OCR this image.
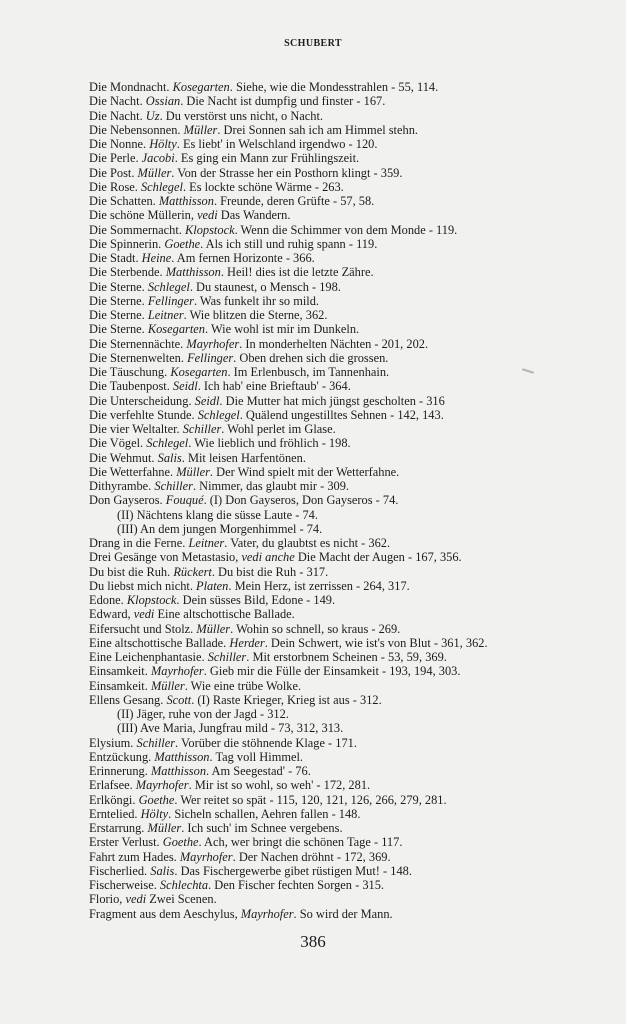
SCHUBERT
Die Mondnacht. Kosegarten. Siehe, wie die Mondesstrahlen - 55, 114.
Die Nacht. Ossian. Die Nacht ist dumpfig und finster - 167.
Die Nacht. Uz. Du verstörst uns nicht, o Nacht.
Die Nebensonnen. Müller. Drei Sonnen sah ich am Himmel stehn.
Die Nonne. Hölty. Es liebt' in Welschland irgendwo - 120.
Die Perle. Jacobi. Es ging ein Mann zur Frühlingszeit.
Die Post. Müller. Von der Strasse her ein Posthorn klingt - 359.
Die Rose. Schlegel. Es lockte schöne Wärme - 263.
Die Schatten. Matthisson. Freunde, deren Grüfte - 57, 58.
Die schöne Müllerin, vedi Das Wandern.
Die Sommernacht. Klopstock. Wenn die Schimmer von dem Monde - 119.
Die Spinnerin. Goethe. Als ich still und ruhig spann - 119.
Die Stadt. Heine. Am fernen Horizonte - 366.
Die Sterbende. Matthisson. Heil! dies ist die letzte Zähre.
Die Sterne. Schlegel. Du staunest, o Mensch - 198.
Die Sterne. Fellinger. Was funkelt ihr so mild.
Die Sterne. Leitner. Wie blitzen die Sterne, 362.
Die Sterne. Kosegarten. Wie wohl ist mir im Dunkeln.
Die Sternennächte. Mayrhofer. In monderhelten Nächten - 201, 202.
Die Sternenwelten. Fellinger. Oben drehen sich die grossen.
Die Täuschung. Kosegarten. Im Erlenbusch, im Tannenhain.
Die Taubenpost. Seidl. Ich hab' eine Brieftaub' - 364.
Die Unterscheidung. Seidl. Die Mutter hat mich jüngst gescholten - 316
Die verfehlte Stunde. Schlegel. Quälend ungestilltes Sehnen - 142, 143.
Die vier Weltalter. Schiller. Wohl perlet im Glase.
Die Vögel. Schlegel. Wie lieblich und fröhlich - 198.
Die Wehmut. Salis. Mit leisen Harfentönen.
Die Wetterfahne. Müller. Der Wind spielt mit der Wetterfahne.
Dithyrambe. Schiller. Nimmer, das glaubt mir - 309.
Don Gayseros. Fouqué. (I) Don Gayseros, Don Gayseros - 74.
(II) Nächtens klang die süsse Laute - 74.
(III) An dem jungen Morgenhimmel - 74.
Drang in die Ferne. Leitner. Vater, du glaubtst es nicht - 362.
Drei Gesänge von Metastasio, vedi anche Die Macht der Augen - 167, 356.
Du bist die Ruh. Rückert. Du bist die Ruh - 317.
Du liebst mich nicht. Platen. Mein Herz, ist zerrissen - 264, 317.
Edone. Klopstock. Dein süsses Bild, Edone - 149.
Edward, vedi Eine altschottische Ballade.
Eifersucht und Stolz. Müller. Wohin so schnell, so kraus - 269.
Eine altschottische Ballade. Herder. Dein Schwert, wie ist's von Blut - 361, 362.
Eine Leichenphantasie. Schiller. Mit erstorbnem Scheinen - 53, 59, 369.
Einsamkeit. Mayrhofer. Gieb mir die Fülle der Einsamkeit - 193, 194, 303.
Einsamkeit. Müller. Wie eine trübe Wolke.
Ellens Gesang. Scott. (I) Raste Krieger, Krieg ist aus - 312.
(II) Jäger, ruhe von der Jagd - 312.
(III) Ave Maria, Jungfrau mild - 73, 312, 313.
Elysium. Schiller. Vorüber die stöhnende Klage - 171.
Entzückung. Matthisson. Tag voll Himmel.
Erinnerung. Matthisson. Am Seegestad' - 76.
Erlafsee. Mayrhofer. Mir ist so wohl, so weh' - 172, 281.
Erlköngi. Goethe. Wer reitet so spät - 115, 120, 121, 126, 266, 279, 281.
Erntelied. Hölty. Sicheln schallen, Aehren fallen - 148.
Erstarrung. Müller. Ich such' im Schnee vergebens.
Erster Verlust. Goethe. Ach, wer bringt die schönen Tage - 117.
Fahrt zum Hades. Mayrhofer. Der Nachen dröhnt - 172, 369.
Fischerlied. Salis. Das Fischergewerbe gibet rüstigen Mut! - 148.
Fischerweise. Schlechta. Den Fischer fechten Sorgen - 315.
Florio, vedi Zwei Scenen.
Fragment aus dem Aeschylus, Mayrhofer. So wird der Mann.
386
